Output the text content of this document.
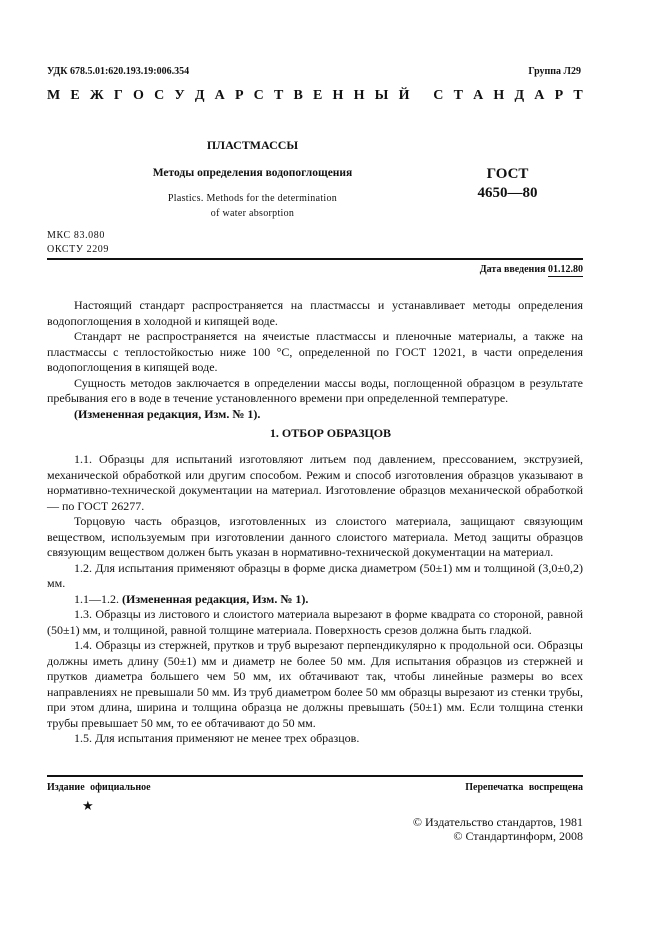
УДК 678.5.01:620.193.19:006.354	Группа Л29
М Е Ж Г О С У Д А Р С Т В Е Н Н Ы Й
С Т А Н Д А Р Т
ПЛАСТМАССЫ
Методы определения водопоглощения
Plastics. Methods for the determination
of water absorption
ГОСТ
4650—80
МКС 83.080
ОКСТУ 2209
Дата введения 01.12.80

Настоящий стандарт распространяется на пластмассы и устанавливает методы определения водопоглощения в холодной и кипящей воде.

Стандарт не распространяется на ячеистые пластмассы и пленочные материалы, а также на пластмассы с теплостойкостью ниже 100 °С, определенной по ГОСТ 12021, в части определения водопоглощения в кипящей воде.

Сущность методов заключается в определении массы воды, поглощенной образцом в результате пребывания его в воде в течение установленного времени при определенной температуре.

(Измененная редакция, Изм. № 1).

1. ОТБОР ОБРАЗЦОВ

1.1. Образцы для испытаний изготовляют литьем под давлением, прессованием, экструзией, механической обработкой или другим способом. Режим и способ изготовления образцов указывают в нормативно-технической документации на материал. Изготовление образцов механической обработкой — по ГОСТ 26277.

Торцовую часть образцов, изготовленных из слоистого материала, защищают связующим веществом, используемым при изготовлении данного слоистого материала. Метод защиты образцов связующим веществом должен быть указан в нормативно-технической документации на материал.

1.2. Для испытания применяют образцы в форме диска диаметром (50±1) мм и толщиной (3,0±0,2) мм.

1.1—1.2. (Измененная редакция, Изм. № 1).

1.3. Образцы из листового и слоистого материала вырезают в форме квадрата со стороной, равной (50±1) мм, и толщиной, равной толщине материала. Поверхность срезов должна быть гладкой.

1.4. Образцы из стержней, прутков и труб вырезают перпендикулярно к продольной оси. Образцы должны иметь длину (50±1) мм и диаметр не более 50 мм. Для испытания образцов из стержней и прутков диаметра большего чем 50 мм, их обтачивают так, чтобы линейные размеры во всех направлениях не превышали 50 мм. Из труб диаметром более 50 мм образцы вырезают из стенки трубы, при этом длина, ширина и толщина образца не должны превышать (50±1) мм. Если толщина стенки трубы превышает 50 мм, то ее обтачивают до 50 мм.

1.5. Для испытания применяют не менее трех образцов.

Издание официальное	Перепечатка воспрещена
★
© Издательство стандартов, 1981
© Стандартинформ, 2008
